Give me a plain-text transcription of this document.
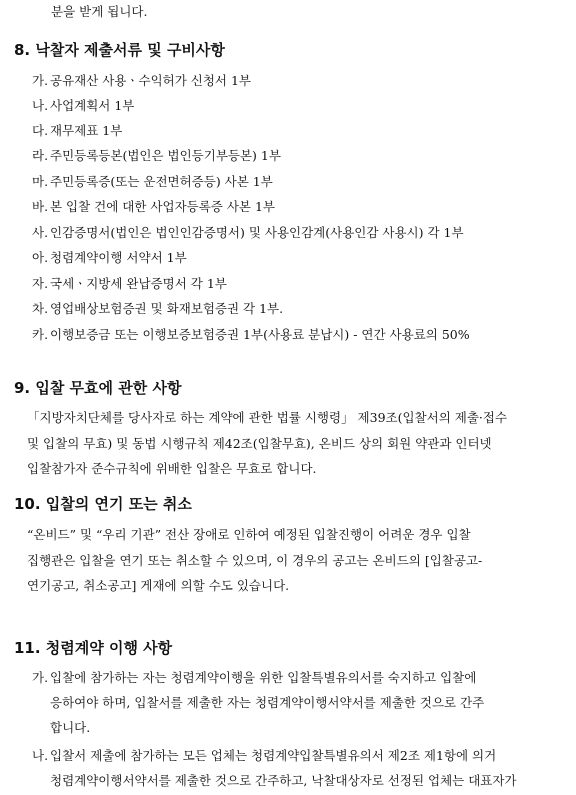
분을 받게 됩니다.
8. 낙찰자 제출서류 및 구비사항
가. 공유재산 사용ㆍ수익허가 신청서 1부
나. 사업계획서 1부
다. 재무제표 1부
라. 주민등록등본(법인은 법인등기부등본) 1부
마. 주민등록증(또는 운전면허증등) 사본 1부
바. 본 입찰 건에 대한 사업자등록증 사본 1부
사. 인감증명서(법인은 법인인감증명서) 및 사용인감계(사용인감 사용시) 각 1부
아. 청렴계약이행 서약서 1부
자. 국세ㆍ지방세 완납증명서 각 1부
차. 영업배상보험증권 및 화재보험증권 각 1부.
카. 이행보증금 또는 이행보증보험증권 1부(사용료 분납시) - 연간 사용료의 50%
9. 입찰 무효에 관한 사항
「지방자치단체를 당사자로 하는 계약에 관한 법률 시행령」 제39조(입찰서의 제출·접수
및 입찰의 무효) 및 동법 시행규칙 제42조(입찰무효), 온비드 상의 회원 약관과 인터넷
입찰참가자 준수규칙에 위배한 입찰은 무효로 합니다.
10. 입찰의 연기 또는 취소
“온비드” 및 “우리 기관” 전산 장애로 인하여 예정된 입찰진행이 어려운 경우 입찰
집행관은 입찰을 연기 또는 취소할 수 있으며, 이 경우의 공고는 온비드의 [입찰공고-
연기공고, 취소공고] 게재에 의할 수도 있습니다.
11. 청렴계약 이행 사항
가. 입찰에 참가하는 자는 청렴계약이행을 위한 입찰특별유의서를 숙지하고 입찰에
응하여야 하며, 입찰서를 제출한 자는 청렴계약이행서약서를 제출한 것으로 간주
합니다.
나. 입찰서 제출에 참가하는 모든 업체는 청렴계약입찰특별유의서 제2조 제1항에 의거
청렴계약이행서약서를 제출한 것으로 간주하고, 낙찰대상자로 선정된 업체는 대표자가
